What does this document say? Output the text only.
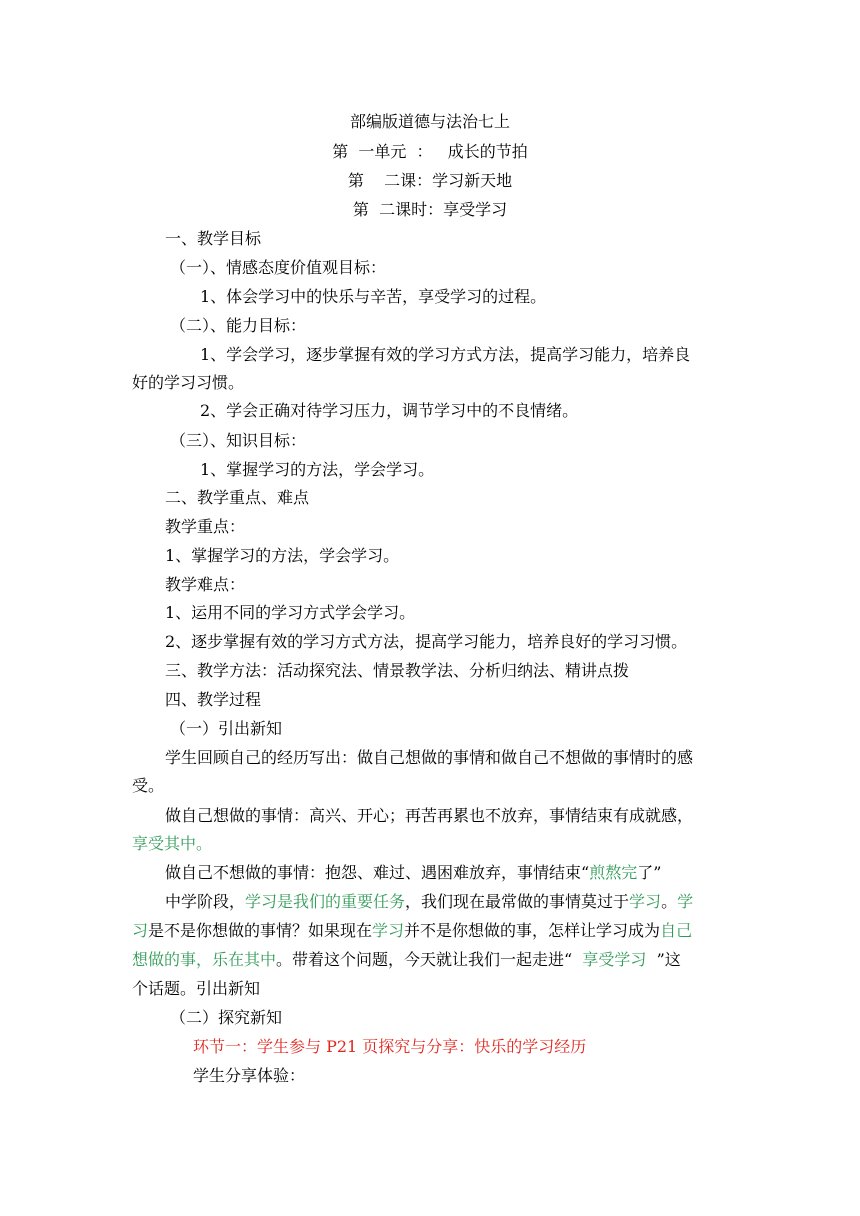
部编版道德与法治七上
第  一单元  ：   成长的节拍
第    二课：学习新天地
第  二课时：享受学习
一、教学目标
（一）、情感态度价值观目标：
1、体会学习中的快乐与辛苦，享受学习的过程。
（二）、能力目标：
1、学会学习，逐步掌握有效的学习方式方法，提高学习能力，培养良
好的学习习惯。
2、学会正确对待学习压力，调节学习中的不良情绪。
（三）、知识目标：
1、掌握学习的方法，学会学习。
二、教学重点、难点
教学重点：
1、掌握学习的方法，学会学习。
教学难点：
1、运用不同的学习方式学会学习。
2、逐步掌握有效的学习方式方法，提高学习能力，培养良好的学习习惯。
三、教学方法：活动探究法、情景教学法、分析归纳法、精讲点拨
四、教学过程
（一）引出新知
学生回顾自己的经历写出：做自己想做的事情和做自己不想做的事情时的感
受。
做自己想做的事情：高兴、开心；再苦再累也不放弃，事情结束有成就感，
享受其中。
做自己不想做的事情：抱怨、难过、遇困难放弃，事情结束“煎熬完了”
中学阶段，学习是我们的重要任务，我们现在最常做的事情莫过于学习。学
习是不是你想做的事情？如果现在学习并不是你想做的事，怎样让学习成为自己
想做的事，乐在其中。带着这个问题，今天就让我们一起走进“  享受学习  ”这
个话题。引出新知
（二）探究新知
环节一：学生参与 P21 页探究与分享：快乐的学习经历
学生分享体验：
